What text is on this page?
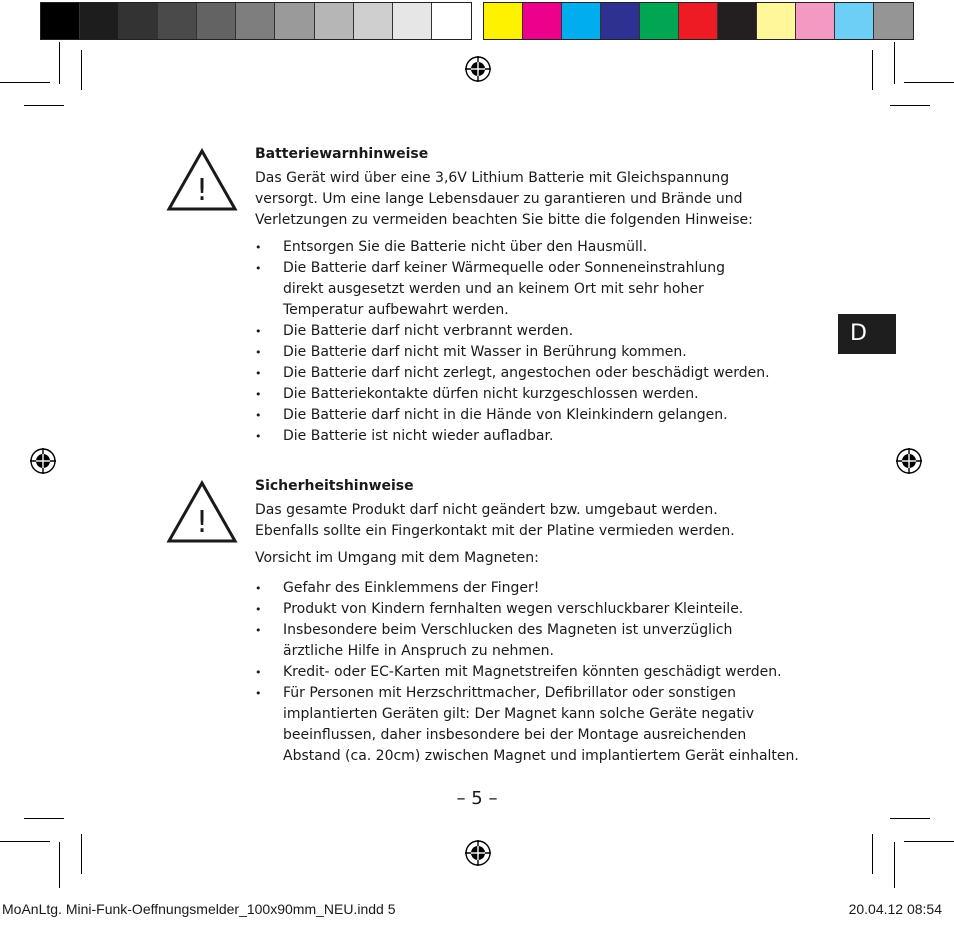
!
Batteriewarnhinweise
Das Gerät wird über eine 3,6V Lithium Batterie mit Gleichspannung
versorgt. Um eine lange Lebensdauer zu garantieren und Brände und
Verletzungen zu vermeiden beachten Sie bitte die folgenden Hinweise:
• Entsorgen Sie die Batterie nicht über den Hausmüll.
• Die Batterie darf keiner Wärmequelle oder Sonneneinstrahlung
direkt ausgesetzt werden und an keinem Ort mit sehr hoher
Temperatur aufbewahrt werden.
• Die Batterie darf nicht verbrannt werden.
• Die Batterie darf nicht mit Wasser in Berührung kommen.
• Die Batterie darf nicht zerlegt, angestochen oder beschädigt werden.
• Die Batteriekontakte dürfen nicht kurzgeschlossen werden.
• Die Batterie darf nicht in die Hände von Kleinkindern gelangen.
• Die Batterie ist nicht wieder aufladbar.
D
!
Sicherheitshinweise
Das gesamte Produkt darf nicht geändert bzw. umgebaut werden.
Ebenfalls sollte ein Fingerkontakt mit der Platine vermieden werden.
Vorsicht im Umgang mit dem Magneten:
• Gefahr des Einklemmens der Finger!
• Produkt von Kindern fernhalten wegen verschluckbarer Kleinteile.
• Insbesondere beim Verschlucken des Magneten ist unverzüglich
ärztliche Hilfe in Anspruch zu nehmen.
• Kredit- oder EC-Karten mit Magnetstreifen könnten geschädigt werden.
• Für Personen mit Herzschrittmacher, Defibrillator oder sonstigen
implantierten Geräten gilt: Der Magnet kann solche Geräte negativ
beeinflussen, daher insbesondere bei der Montage ausreichenden
Abstand (ca. 20cm) zwischen Magnet und implantiertem Gerät einhalten.
– 5 –
MoAnLtg. Mini-Funk-Oeffnungsmelder_100x90mm_NEU.indd 5	20.04.12 08:54
